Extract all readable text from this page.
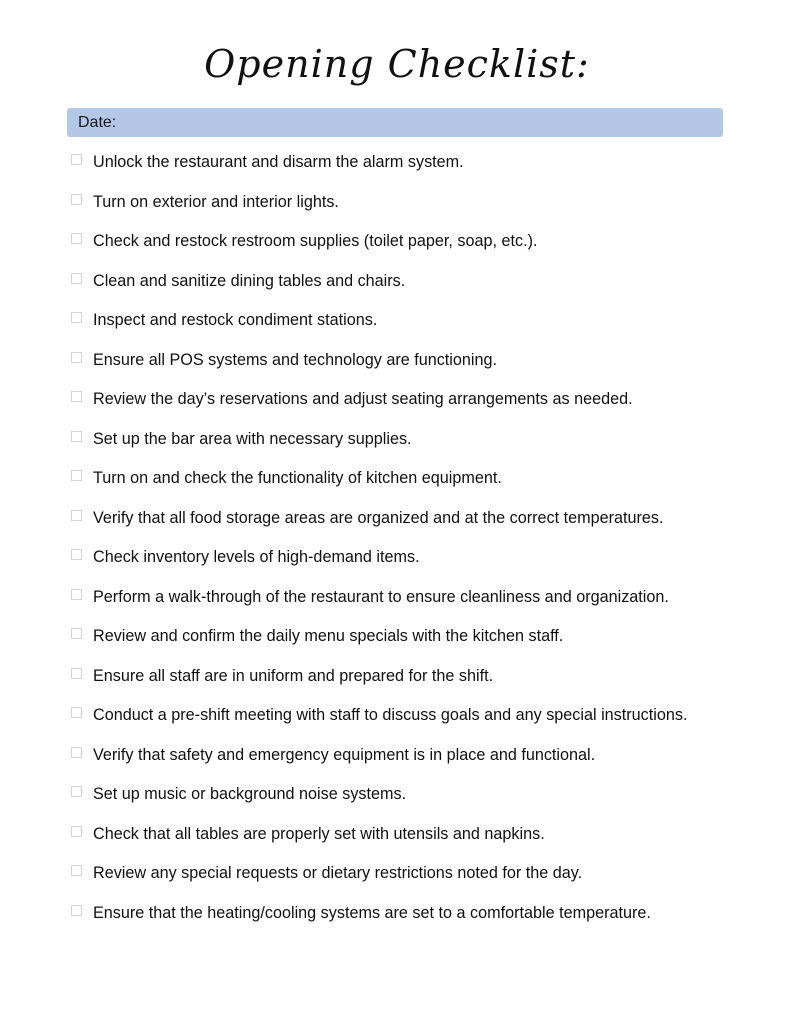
Opening Checklist:
Date:
Unlock the restaurant and disarm the alarm system.
Turn on exterior and interior lights.
Check and restock restroom supplies (toilet paper, soap, etc.).
Clean and sanitize dining tables and chairs.
Inspect and restock condiment stations.
Ensure all POS systems and technology are functioning.
Review the day’s reservations and adjust seating arrangements as needed.
Set up the bar area with necessary supplies.
Turn on and check the functionality of kitchen equipment.
Verify that all food storage areas are organized and at the correct temperatures.
Check inventory levels of high-demand items.
Perform a walk-through of the restaurant to ensure cleanliness and organization.
Review and confirm the daily menu specials with the kitchen staff.
Ensure all staff are in uniform and prepared for the shift.
Conduct a pre-shift meeting with staff to discuss goals and any special instructions.
Verify that safety and emergency equipment is in place and functional.
Set up music or background noise systems.
Check that all tables are properly set with utensils and napkins.
Review any special requests or dietary restrictions noted for the day.
Ensure that the heating/cooling systems are set to a comfortable temperature.
